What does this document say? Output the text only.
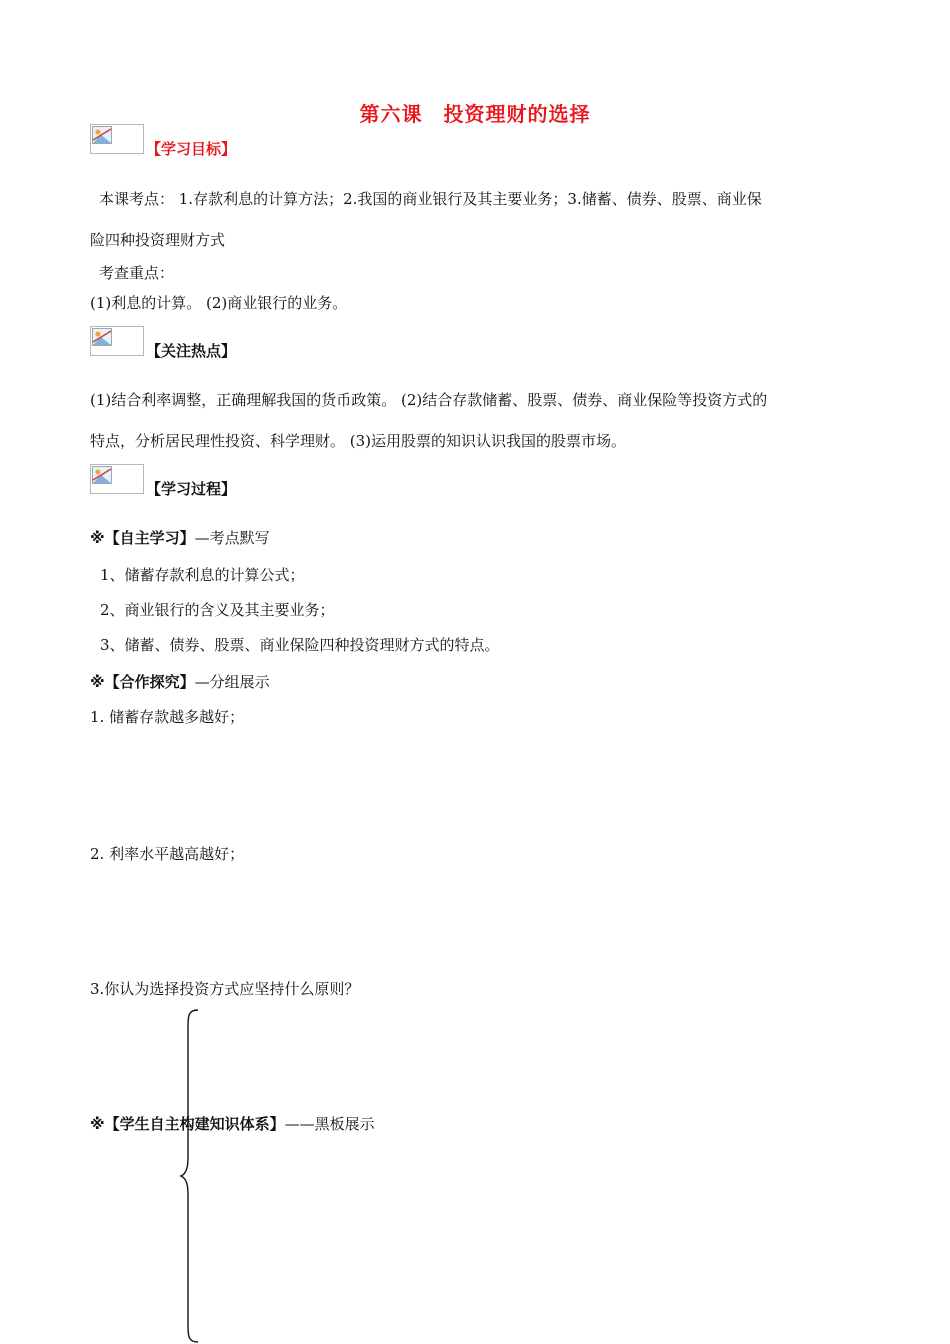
第六课　投资理财的选择
【学习目标】
本课考点： 1.存款利息的计算方法；2.我国的商业银行及其主要业务；3.储蓄、债券、股票、商业保
险四种投资理财方式
考查重点：
(1)利息的计算。 (2)商业银行的业务。
【关注热点】
(1)结合利率调整，正确理解我国的货币政策。 (2)结合存款储蓄、股票、债券、商业保险等投资方式的
特点，分析居民理性投资、科学理财。 (3)运用股票的知识认识我国的股票市场。
【学习过程】
※【自主学习】—考点默写
1、储蓄存款利息的计算公式；
2、商业银行的含义及其主要业务；
3、储蓄、债券、股票、商业保险四种投资理财方式的特点。
※【合作探究】—分组展示
1. 储蓄存款越多越好；
2. 利率水平越高越好；
3.你认为选择投资方式应坚持什么原则？
※【学生自主构建知识体系】——黑板展示
